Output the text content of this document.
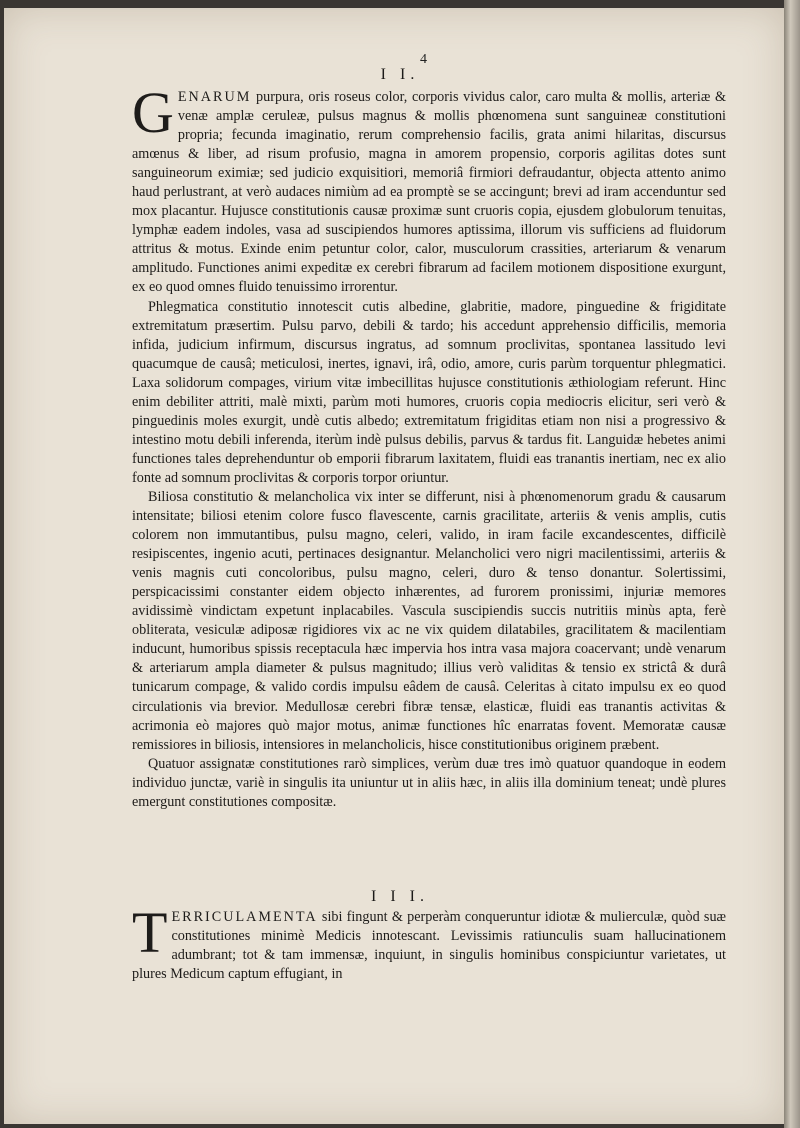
4
I I.

GENARUM purpura, oris roseus color, corporis vividus calor, caro multa & mollis, arteriæ & venæ amplæ ceruleæ, pulsus magnus & mollis phœnomena sunt sanguineæ constitutioni propria; fecunda imaginatio, rerum comprehensio facilis, grata animi hilaritas, discursus amœnus & liber, ad risum profusio, magna in amorem propensio, corporis agilitas dotes sunt sanguineorum eximiæ; sed judicio exquisitiori, memoriâ firmiori defraudantur, objecta attento animo haud perlustrant, at verò audaces nimiùm ad ea promptè se se accingunt; brevi ad iram accenduntur sed mox placantur. Hujusce constitutionis causæ proximæ sunt cruoris copia, ejusdem globulorum tenuitas, lymphæ eadem indoles, vasa ad suscipiendos humores aptissima, illorum vis sufficiens ad fluidorum attritus & motus. Exinde enim petuntur color, calor, musculorum crassities, arteriarum & venarum amplitudo. Functiones animi expeditæ ex cerebri fibrarum ad facilem motionem dispositione exurgunt, ex eo quod omnes fluido tenuissimo irrorentur.

Phlegmatica constitutio innotescit cutis albedine, glabritie, madore, pinguedine & frigiditate extremitatum præsertim. Pulsu parvo, debili & tardo; his accedunt apprehensio difficilis, memoria infida, judicium infirmum, discursus ingratus, ad somnum proclivitas, spontanea lassitudo levi quacumque de causâ; meticulosi, inertes, ignavi, irâ, odio, amore, curis parùm torquentur phlegmatici. Laxa solidorum compages, virium vitæ imbecillitas hujusce constitutionis æthiologiam referunt. Hinc enim debiliter attriti, malè mixti, parùm moti humores, cruoris copia mediocris elicitur, seri verò & pinguedinis moles exurgit, undè cutis albedo; extremitatum frigiditas etiam non nisi a progressivo & intestino motu debili inferenda, iterùm indè pulsus debilis, parvus & tardus fit. Languidæ hebetes animi functiones tales deprehenduntur ob emporii fibrarum laxitatem, fluidi eas tranantis inertiam, nec ex alio fonte ad somnum proclivitas & corporis torpor oriuntur.

Biliosa constitutio & melancholica vix inter se differunt, nisi à phœnomenorum gradu & causarum intensitate; biliosi etenim colore fusco flavescente, carnis gracilitate, arteriis & venis amplis, cutis colorem non immutantibus, pulsu magno, celeri, valido, in iram facile excandescentes, difficilè resipiscentes, ingenio acuti, pertinaces designantur. Melancholici vero nigri macilentissimi, arteriis & venis magnis cuti concoloribus, pulsu magno, celeri, duro & tenso donantur. Solertissimi, perspicacissimi constanter eidem objecto inhærentes, ad furorem pronissimi, injuriæ memores avidissimè vindictam expetunt inplacabiles. Vascula suscipiendis succis nutritiis minùs apta, ferè obliterata, vesiculæ adiposæ rigidiores vix ac ne vix quidem dilatabiles, gracilitatem & macilentiam inducunt, humoribus spissis receptacula hæc impervia hos intra vasa majora coacervant; undè venarum & arteriarum ampla diameter & pulsus magnitudo; illius verò validitas & tensio ex strictâ & durâ tunicarum compage, & valido cordis impulsu eâdem de causâ. Celeritas à citato impulsu ex eo quod circulationis via brevior. Medullosæ cerebri fibræ tensæ, elasticæ, fluidi eas tranantis activitas & acrimonia eò majores quò major motus, animæ functiones hîc enarratas fovent. Memoratæ causæ remissiores in biliosis, intensiores in melancholicis, hisce constitutionibus originem præbent.

Quatuor assignatæ constitutiones rarò simplices, verùm duæ tres imò quatuor quandoque in eodem individuo junctæ, variè in singulis ita uniuntur ut in aliis hæc, in aliis illa dominium teneat; undè plures emergunt constitutiones compositæ.

I I I.

TERRICULAMENTA sibi fingunt & perperàm conqueruntur idiotæ & mulierculæ, quòd suæ constitutiones minimè Medicis innotescant. Levissimis ratiunculis suam hallucinationem adumbrant; tot & tam immensæ, inquiunt, in singulis hominibus conspiciuntur varietates, ut plures Medicum captum effugiant, in
